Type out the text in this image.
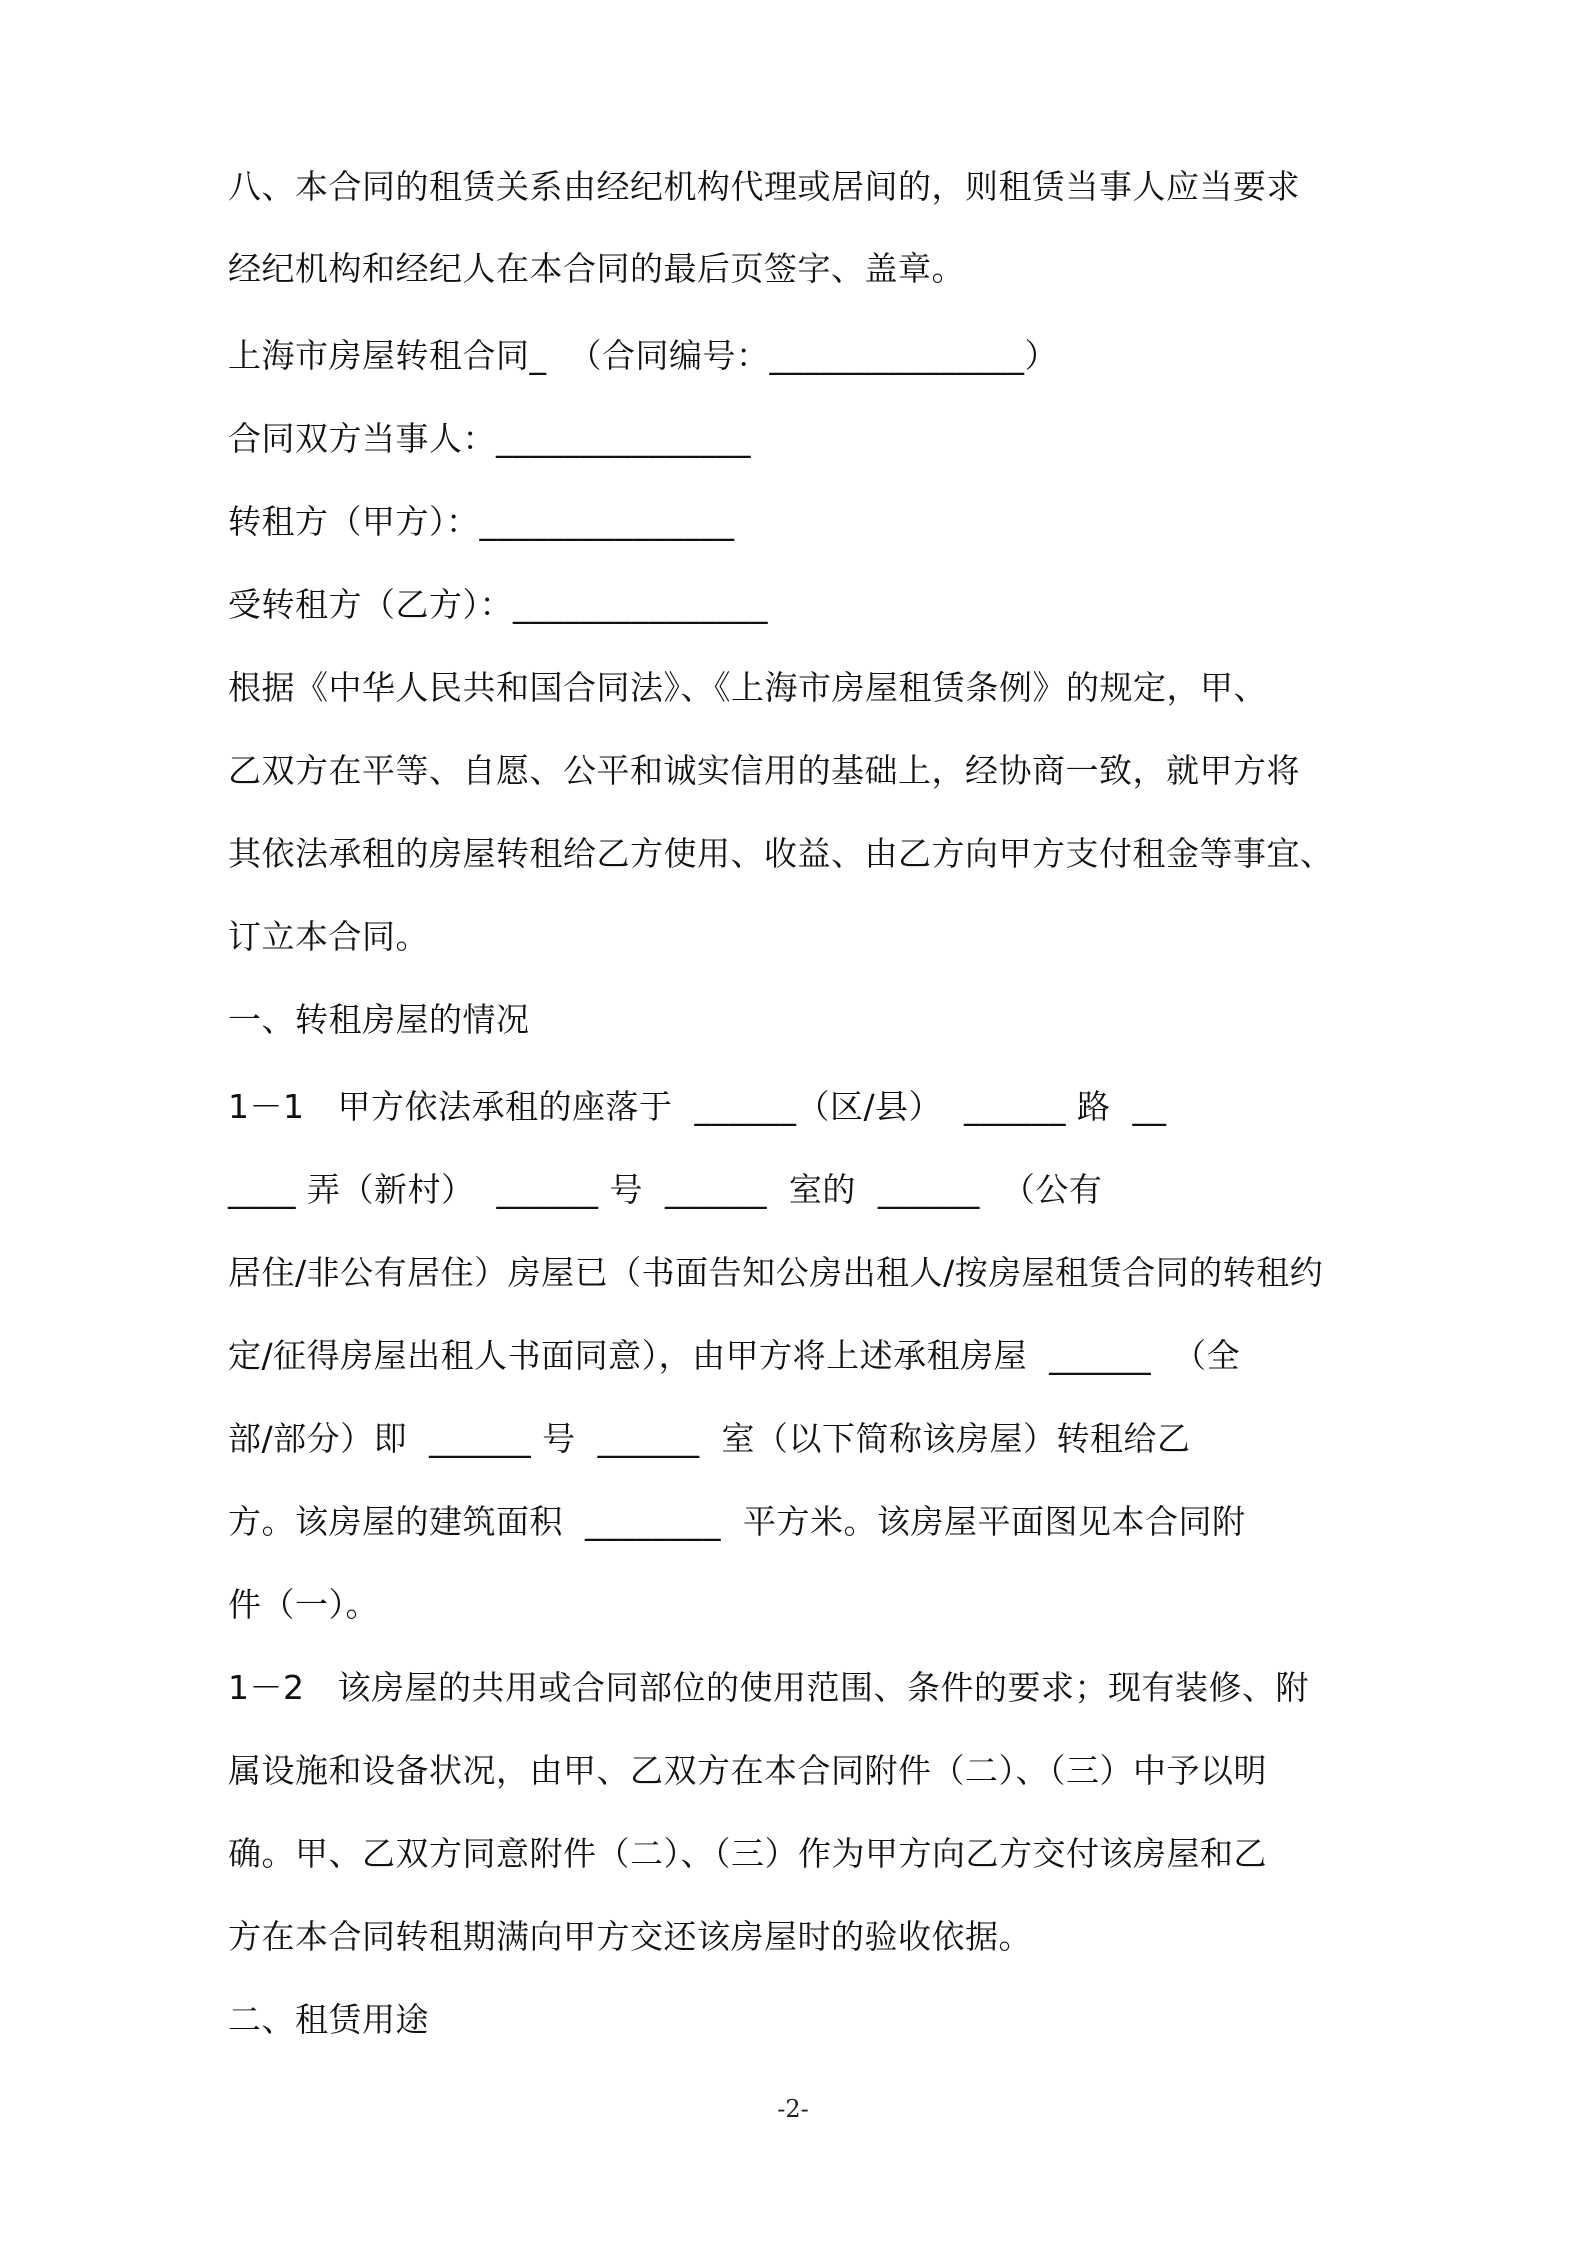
八、本合同的租赁关系由经纪机构代理或居间的，则租赁当事人应当要求
经纪机构和经纪人在本合同的最后页签字、盖章。
上海市房屋转租合同_  （合同编号：_______________）
合同双方当事人：_______________
转租方（甲方）：_______________
受转租方（乙方）：_______________
根据《中华人民共和国合同法》、《上海市房屋租赁条例》的规定，甲、
乙双方在平等、自愿、公平和诚实信用的基础上，经协商一致，就甲方将
其依法承租的房屋转租给乙方使用、收益、由乙方向甲方支付租金等事宜、
订立本合同。
一、转租房屋的情况
1－1   甲方依法承租的座落于  ______（区/县）  ______ 路  __
____ 弄（新村）  ______ 号  ______  室的  ______  （公有
居住/非公有居住）房屋已（书面告知公房出租人/按房屋租赁合同的转租约
定/征得房屋出租人书面同意），由甲方将上述承租房屋  ______  （全
部/部分）即  ______ 号  ______  室（以下简称该房屋）转租给乙
方。该房屋的建筑面积  ________  平方米。该房屋平面图见本合同附
件（一）。
1－2   该房屋的共用或合同部位的使用范围、条件的要求；现有装修、附
属设施和设备状况，由甲、乙双方在本合同附件（二）、（三）中予以明
确。甲、乙双方同意附件（二）、（三）作为甲方向乙方交付该房屋和乙
方在本合同转租期满向甲方交还该房屋时的验收依据。
二、租赁用途
-2-
